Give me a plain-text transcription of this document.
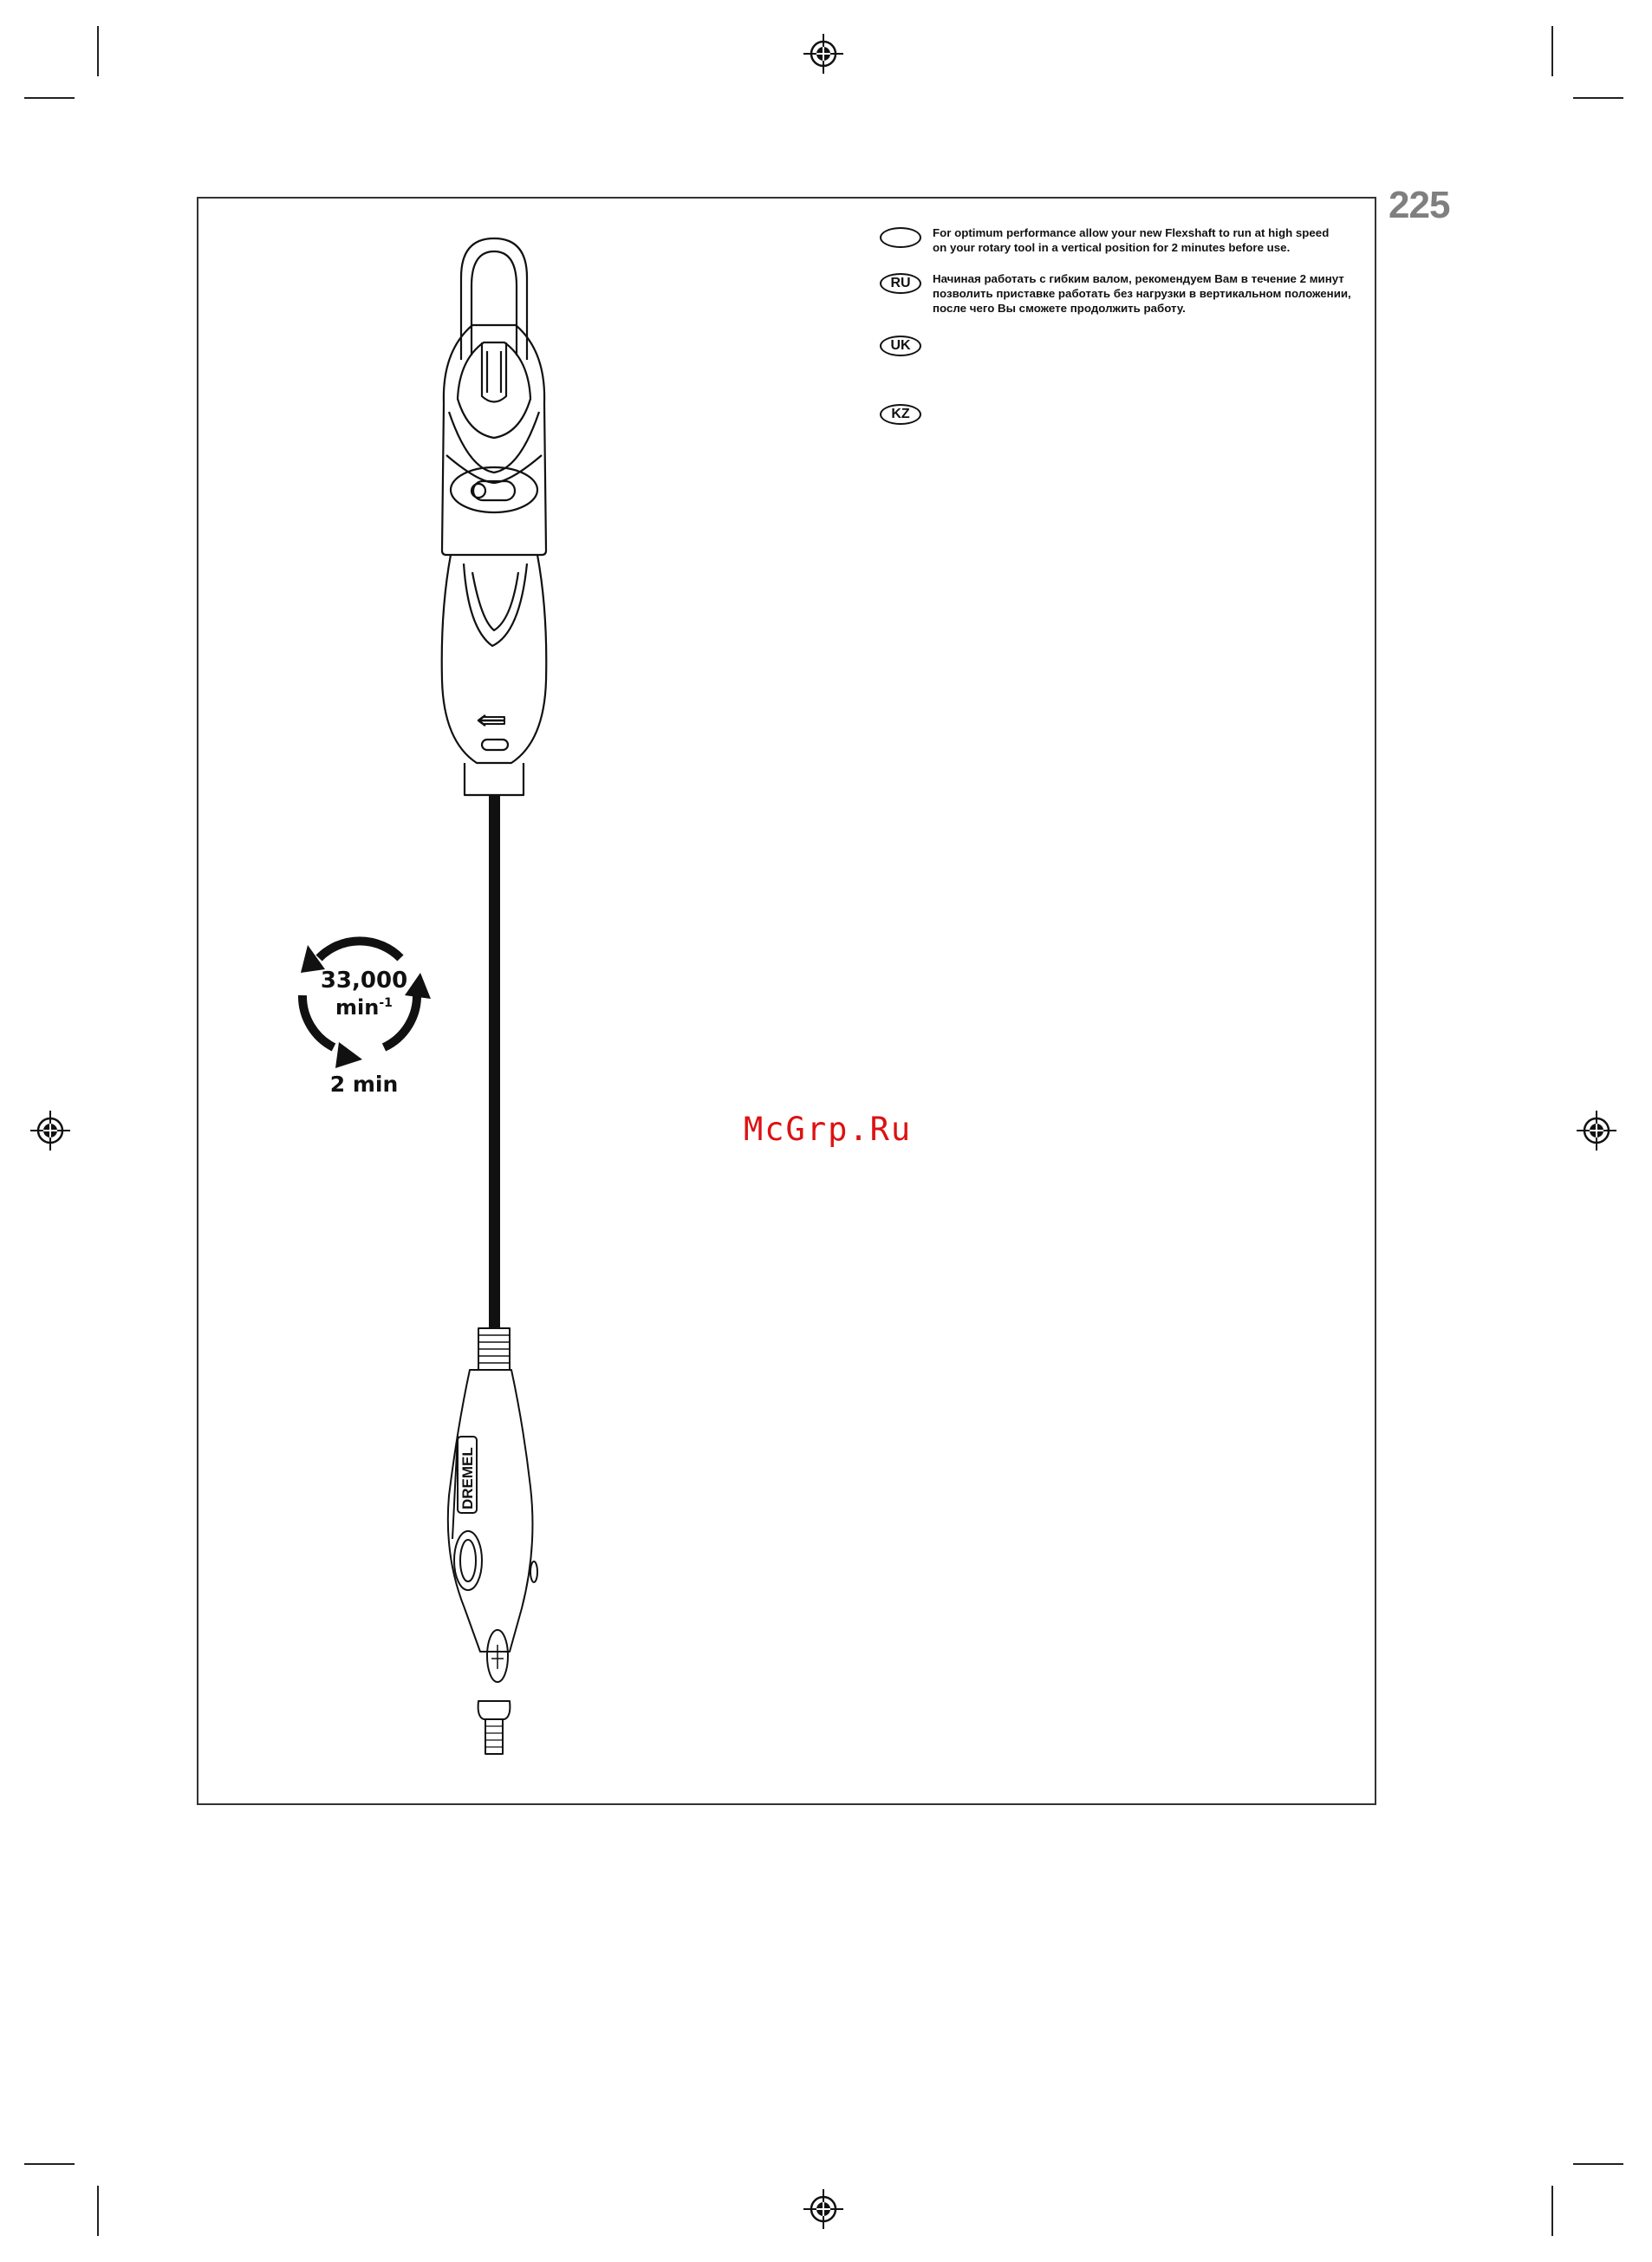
225
For optimum performance allow your new Flexshaft to run at high speed
on your rotary tool in a vertical position for 2 minutes before use.
RU	Начиная работать с гибким валом, рекомендуем Вам в течение 2 минут
позволить приставке работать без нагрузки в вертикальном положении,
после чего Вы сможете продолжить работу.
UK
KZ
33,000
$\min^{-1}$
2 min
McGrp.Ru
DREMEL
